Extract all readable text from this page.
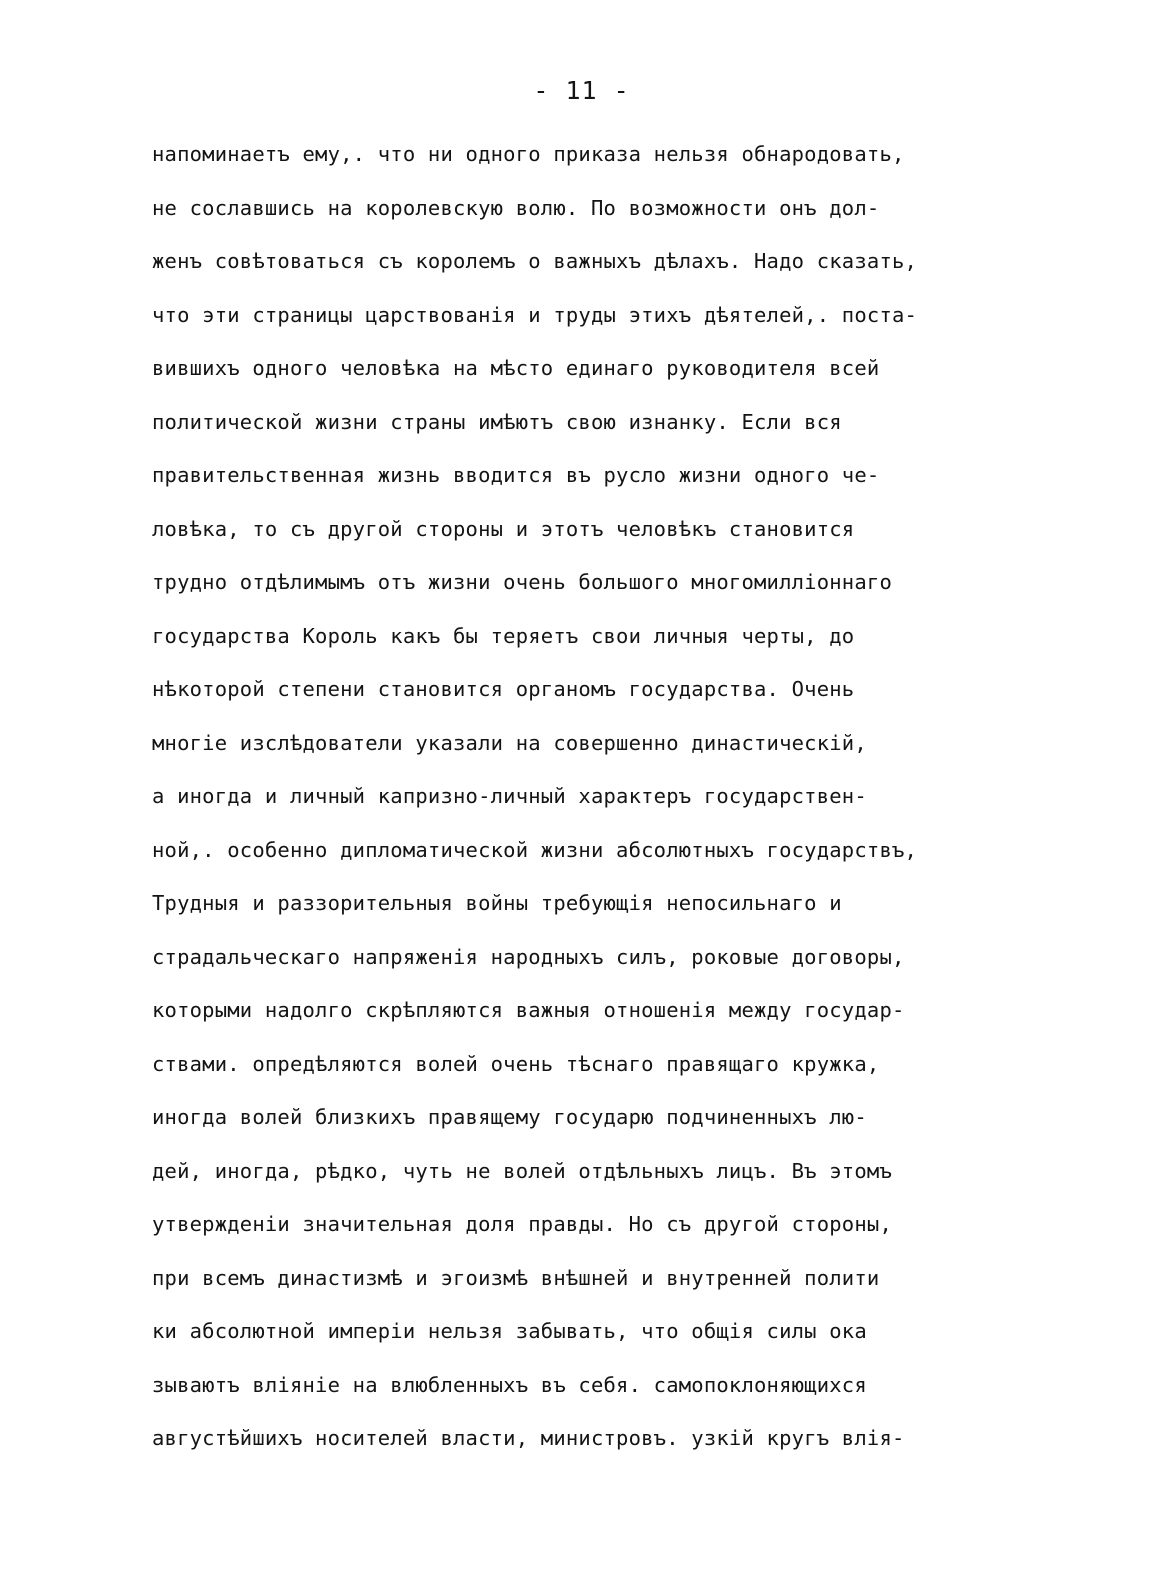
- 11 -
напоминаетъ ему,. что ни одного приказа нельзя обнародовать,
не сославшись на королевскую волю. По возможности онъ дол-
женъ совѣтоваться съ королемъ о важныхъ дѣлахъ. Надо сказать,
что эти страницы царствованія и труды этихъ дѣятелей,. поста-
вившихъ одного человѣка на мѣсто единаго руководителя всей
политической жизни страны имѣютъ свою изнанку. Если вся
правительственная жизнь вводится въ русло жизни одного че-
ловѣка, то съ другой стороны и этотъ человѣкъ становится
трудно отдѣлимымъ отъ жизни очень большого многомилліоннаго
государства Король какъ бы теряетъ свои личныя черты, до
нѣкоторой степени становится органомъ государства. Очень
многіе изслѣдователи указали на совершенно династическій,
а иногда и личный капризно-личный характеръ государствен-
ной,. особенно дипломатической жизни абсолютныхъ государствъ,
Трудныя и раззорительныя войны требующія непосильнаго и
страдальческаго напряженія народныхъ силъ, роковые договоры,
которыми надолго скрѣпляются важныя отношенія между государ-
ствами. опредѣляются волей очень тѣснаго правящаго кружка,
иногда волей близкихъ правящему государю подчиненныхъ лю-
дей, иногда, рѣдко, чуть не волей отдѣльныхъ лицъ. Въ этомъ
утвержденіи значительная доля правды. Но съ другой стороны,
при всемъ династизмѣ и эгоизмѣ внѣшней и внутренней полити
ки абсолютной имперіи нельзя забывать, что общія силы ока
зываютъ вліяніе на влюбленныхъ въ себя. самопоклоняющихся
августѣйшихъ носителей власти, министровъ. узкій кругъ влія-
